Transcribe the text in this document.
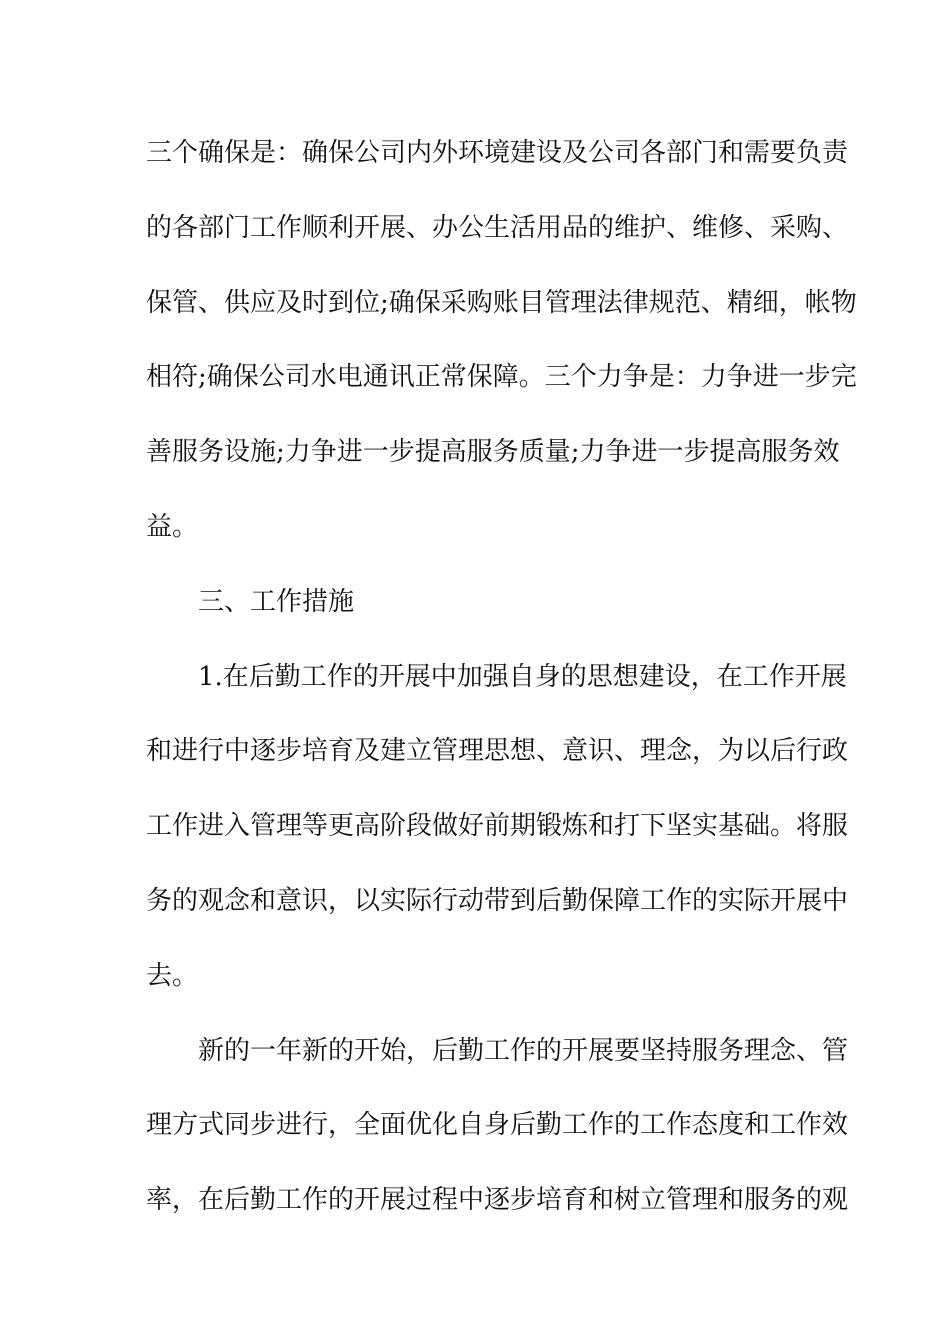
三个确保是：确保公司内外环境建设及公司各部门和需要负责
的各部门工作顺利开展、办公生活用品的维护、维修、采购、
保管、供应及时到位;确保采购账目管理法律规范、精细，帐物
相符;确保公司水电通讯正常保障。三个力争是：力争进一步完
善服务设施;力争进一步提高服务质量;力争进一步提高服务效
益。
三、工作措施
1.在后勤工作的开展中加强自身的思想建设，在工作开展
和进行中逐步培育及建立管理思想、意识、理念，为以后行政
工作进入管理等更高阶段做好前期锻炼和打下坚实基础。将服
务的观念和意识，以实际行动带到后勤保障工作的实际开展中
去。
新的一年新的开始，后勤工作的开展要坚持服务理念、管
理方式同步进行，全面优化自身后勤工作的工作态度和工作效
率，在后勤工作的开展过程中逐步培育和树立管理和服务的观
